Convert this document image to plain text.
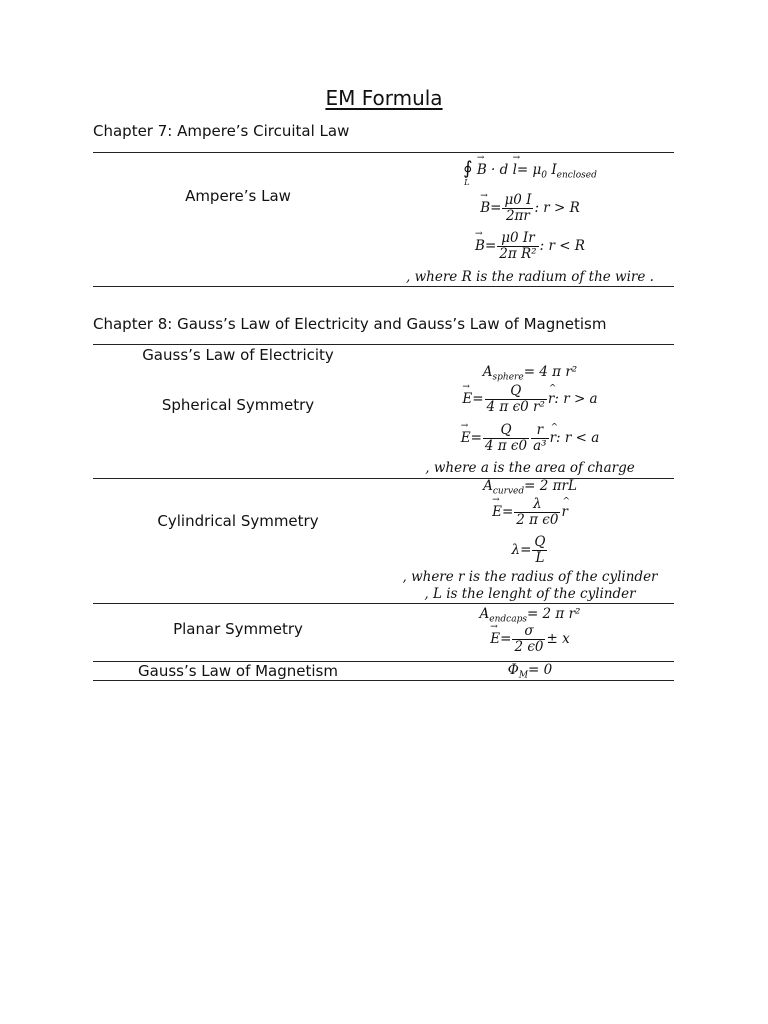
EM Formula
Chapter 7: Ampere’s Circuital Law
Ampere’s Law
∮
L
→ $B \cdot d \to l= \mu_0$ $I_{enclosed}$
→ $B= \frac{\mu 0 I}{2\pi r}$ : r > R
→ $B= \frac{\mu 0 Ir}{\text{2π R²}}$ : r < R
, where R is the radium of the wire .
Chapter 8: Gauss’s Law of Electricity and Gauss’s Law of Magnetism
Gauss’s Law of Electricity
Spherical Symmetry
$A_{sphere}= 4$ π r²
→ $E= \frac{Q}{\text{4 π ϵ0 r²}}$ ^ r: r > a
→ $E= \frac{Q}{\text{4 π ϵ0}} \frac{r}{\text{a³}}$ ^ r: r < a
, where a is the area of charge
Cylindrical Symmetry
$A_{curved}= 2$ πrL
→ $E= \frac{\lambda}{\text{2 π ϵ0}}$ ^ r
$\lambda= \frac{Q}{L}$
, where r is the radius of the cylinder
, L is the lenght of the cylinder
Planar Symmetry
$A_{endcaps}= 2$ π r²
→ $E= \frac{\sigma}{2 \epsilon 0} \pm x$
Gauss’s Law of Magnetism	$\Phi_M= 0$
